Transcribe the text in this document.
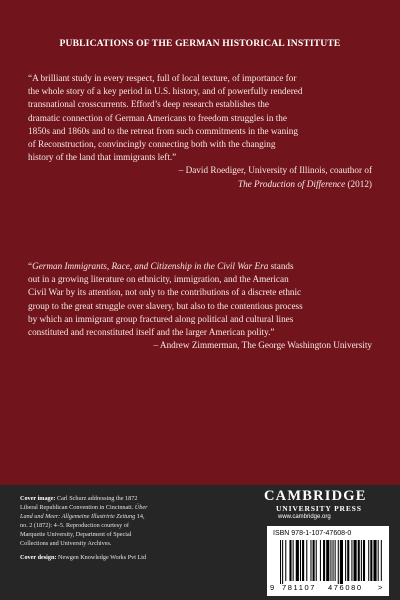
PUBLICATIONS OF THE GERMAN HISTORICAL INSTITUTE

“A brilliant study in every respect, full of local texture, of importance for

the whole story of a key period in U.S. history, and of powerfully rendered

transnational crosscurrents. Efford’s deep research establishes the

dramatic connection of German Americans to freedom struggles in the

1850s and 1860s and to the retreat from such commitments in the waning

of Reconstruction, convincingly connecting both with the changing

history of the land that immigrants left.”

– David Roediger, University of Illinois, coauthor of

The Production of Difference (2012)

“German Immigrants, Race, and Citizenship in the Civil War Era stands

out in a growing literature on ethnicity, immigration, and the American

Civil War by its attention, not only to the contributions of a discrete ethnic

group to the great struggle over slavery, but also to the contentious process

by which an immigrant group fractured along political and cultural lines

constituted and reconstituted itself and the larger American polity.”

– Andrew Zimmerman, The George Washington University

Cover image: Carl Schurz addressing the 1872

Liberal Republican Convention in Cincinnati. Über

Land und Meer: Allgemeine Illustrirte Zeitung 14,

no. 2 (1872): 4–5. Reproduction courtesy of

Marquette University, Department of Special

Collections and University Archives.

Cover design: Newgen Knowledge Works Pvt Ltd

CAMBRIDGE
UNIVERSITY PRESS
www.cambridge.org
ISBN 978-1-107-47608-0
9 781107 476080 >
